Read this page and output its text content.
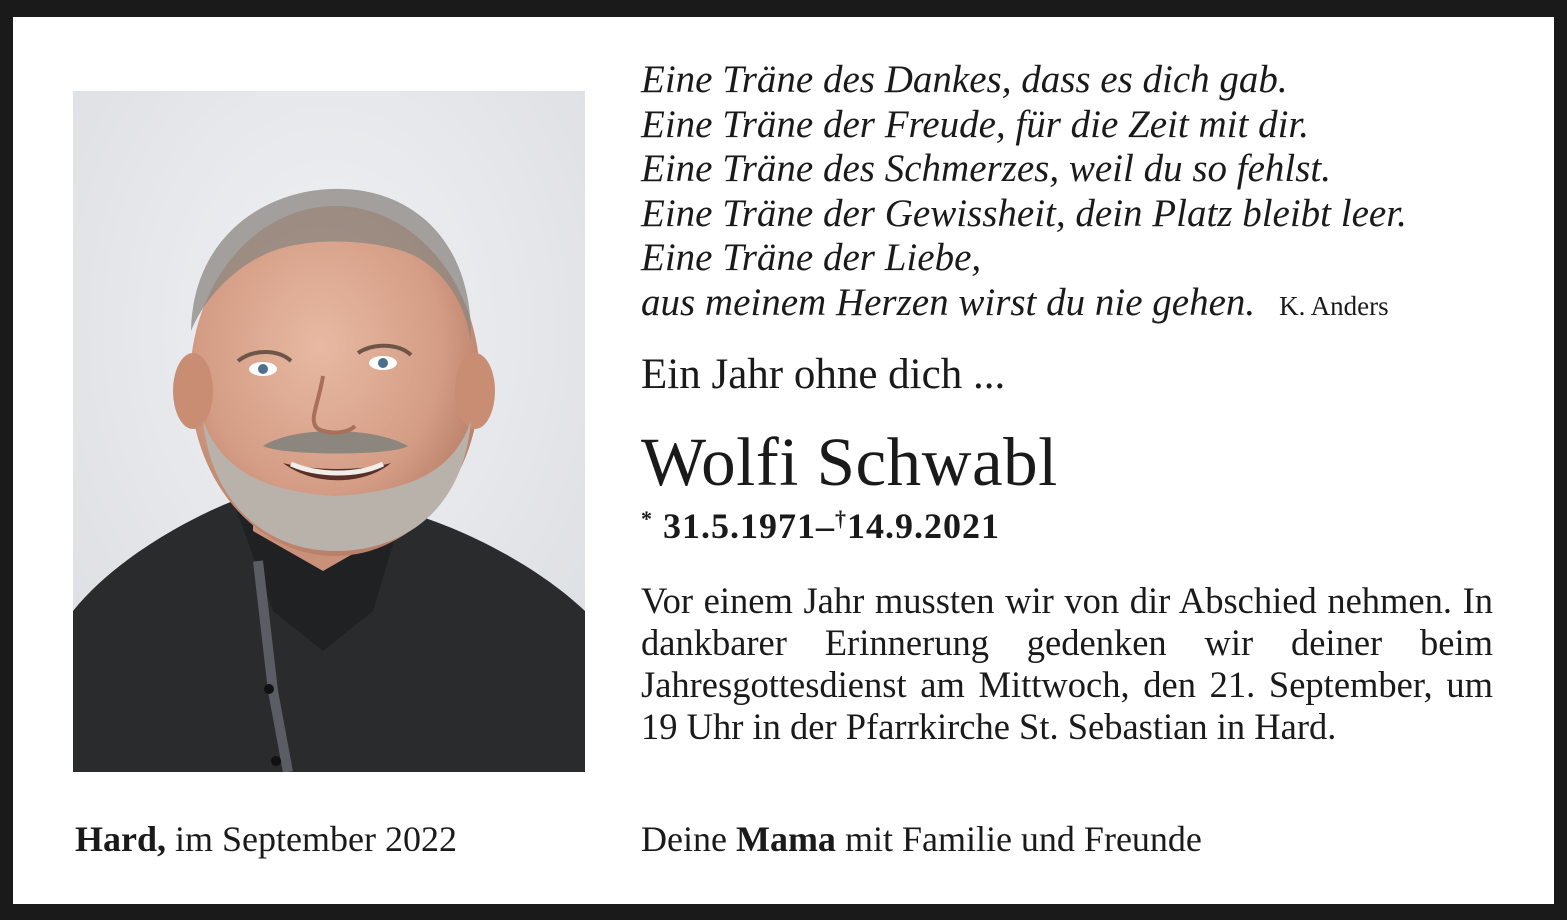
Eine Träne des Dankes, dass es dich gab.
Eine Träne der Freude, für die Zeit mit dir.
Eine Träne des Schmerzes, weil du so fehlst.
Eine Träne der Gewissheit, dein Platz bleibt leer.
Eine Träne der Liebe,
aus meinem Herzen wirst du nie gehen. K. Anders
Ein Jahr ohne dich ...
Wolfi Schwabl
* 31.5.1971–†14.9.2021

Vor einem Jahr mussten wir von dir Abschied nehmen. In dankbarer Erinnerung gedenken wir deiner beim Jahresgottesdienst am Mittwoch, den 21. September, um 19 Uhr in der Pfarrkirche St. Sebastian in Hard.

Hard, im September 2022	Deine Mama mit Familie und Freunde
